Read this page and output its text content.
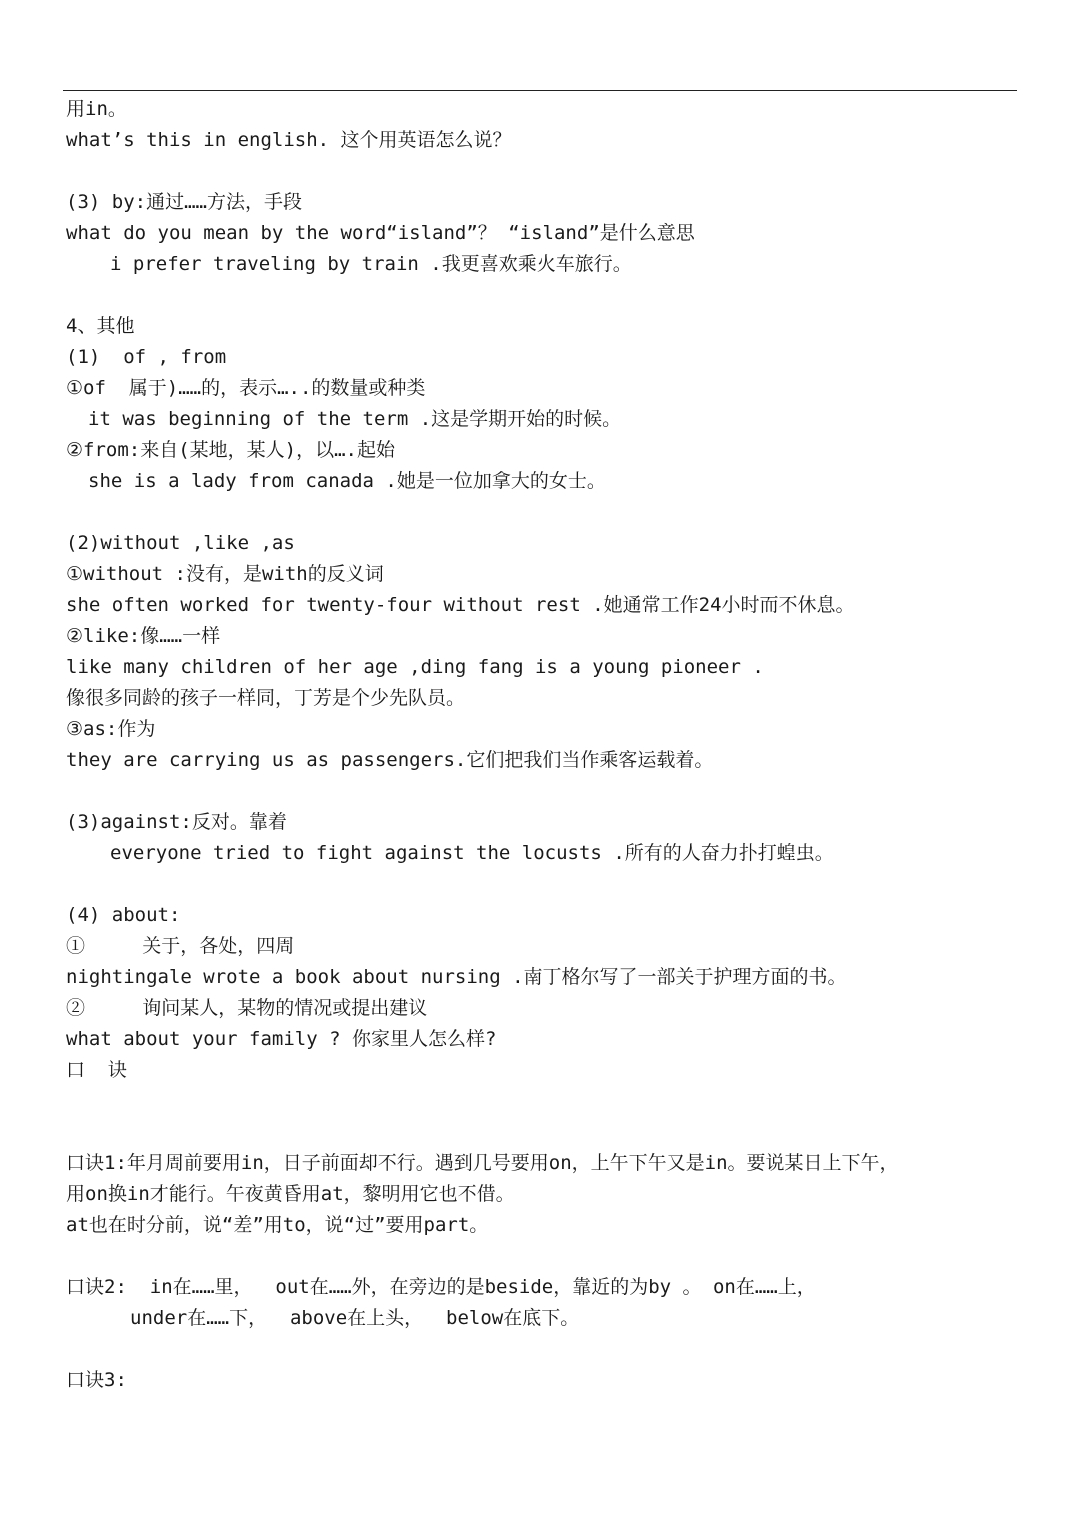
用in。
what’s this in english. 这个用英语怎么说？
(3) by:通过……方法，手段
what do you mean by the word“island”？ “island”是什么意思
i prefer traveling by train .我更喜欢乘火车旅行。
4、其他
(1)  of , from
①of  属于)……的，表示…..的数量或种类
it was beginning of the term .这是学期开始的时候。
②from:来自(某地，某人)，以….起始
she is a lady from canada .她是一位加拿大的女士。
(2)without ,like ,as
①without :没有，是with的反义词
she often worked for twenty-four without rest .她通常工作24小时而不休息。
②like:像……一样
like many children of her age ,ding fang is a young pioneer .
像很多同龄的孩子一样同，丁芳是个少先队员。
③as:作为
they are carrying us as passengers.它们把我们当作乘客运载着。
(3)against:反对。靠着
everyone tried to fight against the locusts .所有的人奋力扑打蝗虫。
(4) about:
①     关于，各处，四周
nightingale wrote a book about nursing .南丁格尔写了一部关于护理方面的书。
②     询问某人，某物的情况或提出建议
what about your family ? 你家里人怎么样?
口  诀
口诀1:年月周前要用in，日子前面却不行。遇到几号要用on，上午下午又是in。要说某日上下午，
用on换in才能行。午夜黄昏用at，黎明用它也不借。
at也在时分前，说“差”用to，说“过”要用part。
口诀2:  in在……里，  out在……外，在旁边的是beside，靠近的为by 。 on在……上，
under在……下，  above在上头，  below在底下。
口诀3:
